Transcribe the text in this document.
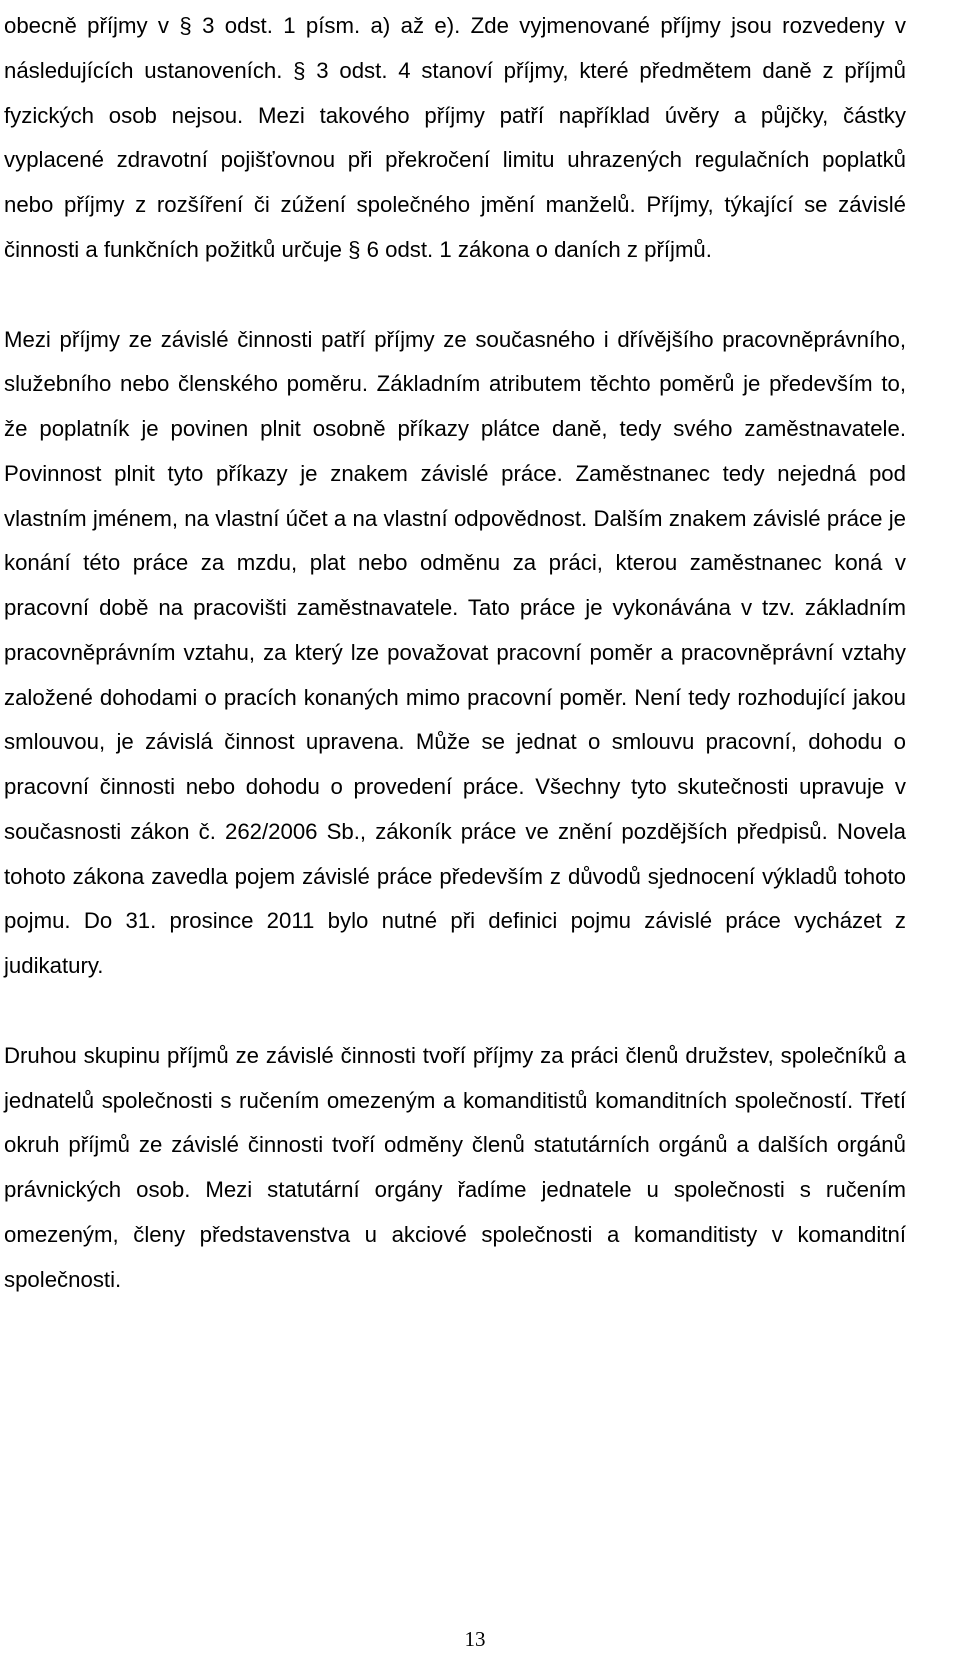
obecně příjmy v § 3 odst. 1 písm. a) až e). Zde vyjmenované příjmy jsou rozvedeny v následujících ustanoveních. § 3 odst. 4 stanoví příjmy, které předmětem daně z příjmů fyzických osob nejsou. Mezi takového příjmy patří například úvěry a půjčky, částky vyplacené zdravotní pojišťovnou při překročení limitu uhrazených regulačních poplatků nebo příjmy z rozšíření či zúžení společného jmění manželů. Příjmy, týkající se závislé činnosti a funkčních požitků určuje § 6 odst. 1 zákona o daních z příjmů.

Mezi příjmy ze závislé činnosti patří příjmy ze současného i dřívějšího pracovněprávního, služebního nebo členského poměru. Základním atributem těchto poměrů je především to, že poplatník je povinen plnit osobně příkazy plátce daně, tedy svého zaměstnavatele. Povinnost plnit tyto příkazy je znakem závislé práce. Zaměstnanec tedy nejedná pod vlastním jménem, na vlastní účet a na vlastní odpovědnost. Dalším znakem závislé práce je konání této práce za mzdu, plat nebo odměnu za práci, kterou zaměstnanec koná v pracovní době na pracovišti zaměstnavatele. Tato práce je vykonávána v tzv. základním pracovněprávním vztahu, za který lze považovat pracovní poměr a pracovněprávní vztahy založené dohodami o pracích konaných mimo pracovní poměr. Není tedy rozhodující jakou smlouvou, je závislá činnost upravena. Může se jednat o smlouvu pracovní, dohodu o pracovní činnosti nebo dohodu o provedení práce. Všechny tyto skutečnosti upravuje v současnosti zákon č. 262/2006 Sb., zákoník práce ve znění pozdějších předpisů. Novela tohoto zákona zavedla pojem závislé práce především z důvodů sjednocení výkladů tohoto pojmu. Do 31. prosince 2011 bylo nutné při definici pojmu závislé práce vycházet z judikatury.

Druhou skupinu příjmů ze závislé činnosti tvoří příjmy za práci členů družstev, společníků a jednatelů společnosti s ručením omezeným a komanditistů komanditních společností. Třetí okruh příjmů ze závislé činnosti tvoří odměny členů statutárních orgánů a dalších orgánů právnických osob. Mezi statutární orgány řadíme jednatele u společnosti s ručením omezeným, členy představenstva u akciové společnosti a komanditisty v komanditní společnosti.

13
